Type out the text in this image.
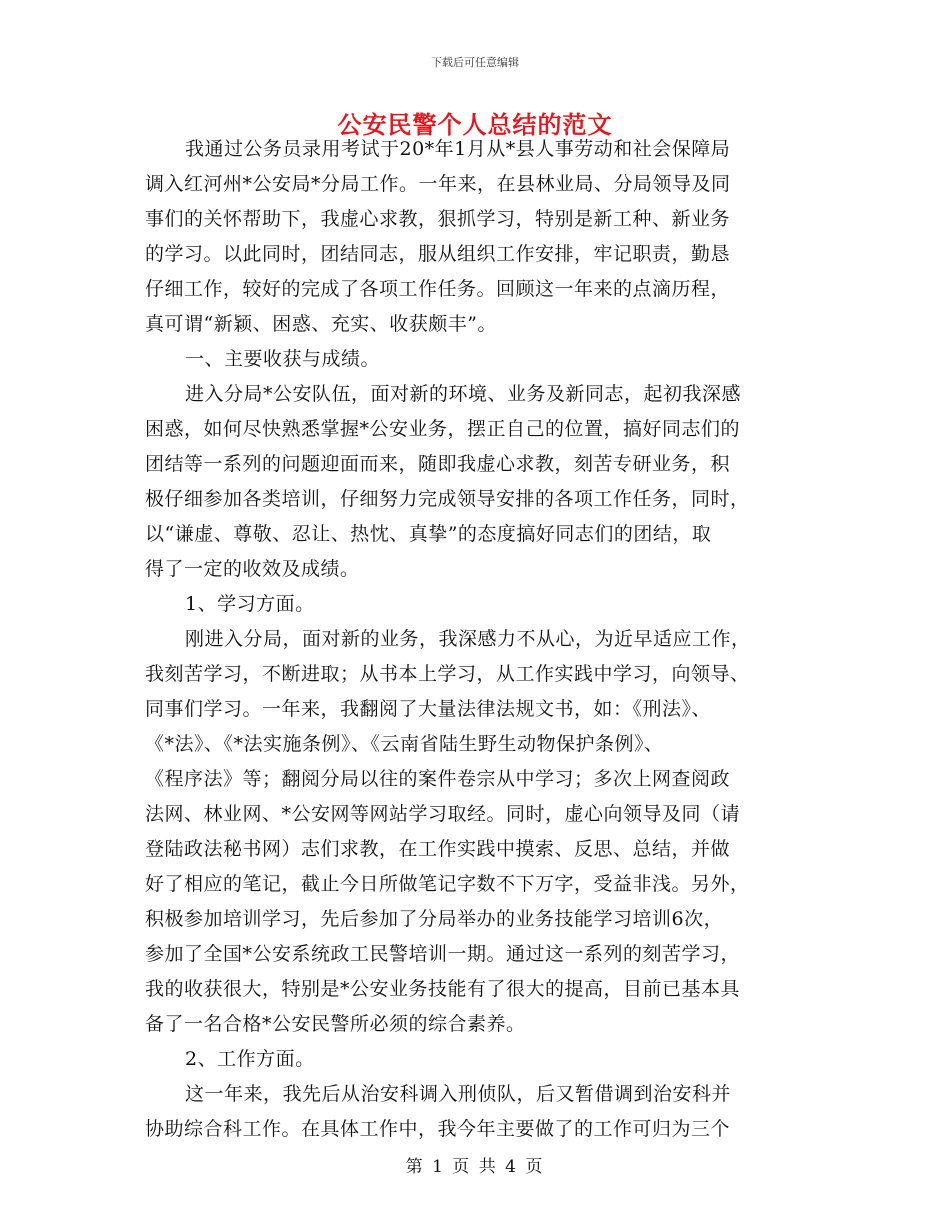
下载后可任意编辑
公安民警个人总结的范文
我通过公务员录用考试于20*年1月从*县人事劳动和社会保障局
调入红河州*公安局*分局工作。一年来，在县林业局、分局领导及同
事们的关怀帮助下，我虚心求教，狠抓学习，特别是新工种、新业务
的学习。以此同时，团结同志，服从组织工作安排，牢记职责，勤恳
仔细工作，较好的完成了各项工作任务。回顾这一年来的点滴历程，
真可谓“新颖、困惑、充实、收获颇丰”。
一、主要收获与成绩。
进入分局*公安队伍，面对新的环境、业务及新同志，起初我深感
困惑，如何尽快熟悉掌握*公安业务，摆正自己的位置，搞好同志们的
团结等一系列的问题迎面而来，随即我虚心求教，刻苦专研业务，积
极仔细参加各类培训，仔细努力完成领导安排的各项工作任务，同时，
以“谦虚、尊敬、忍让、热忱、真挚”的态度搞好同志们的团结，取
得了一定的收效及成绩。
1、学习方面。
刚进入分局，面对新的业务，我深感力不从心，为近早适应工作，
我刻苦学习，不断进取；从书本上学习，从工作实践中学习，向领导、
同事们学习。一年来，我翻阅了大量法律法规文书，如：《刑法》、
《*法》、《*法实施条例》、《云南省陆生野生动物保护条例》、
《程序法》等；翻阅分局以往的案件卷宗从中学习；多次上网查阅政
法网、林业网、*公安网等网站学习取经。同时，虚心向领导及同（请
登陆政法秘书网）志们求教，在工作实践中摸索、反思、总结，并做
好了相应的笔记，截止今日所做笔记字数不下万字，受益非浅。另外，
积极参加培训学习，先后参加了分局举办的业务技能学习培训6次，
参加了全国*公安系统政工民警培训一期。通过这一系列的刻苦学习，
我的收获很大，特别是*公安业务技能有了很大的提高，目前已基本具
备了一名合格*公安民警所必须的综合素养。
2、工作方面。
这一年来，我先后从治安科调入刑侦队，后又暂借调到治安科并
协助综合科工作。在具体工作中，我今年主要做了的工作可归为三个
第 1 页 共 4 页
